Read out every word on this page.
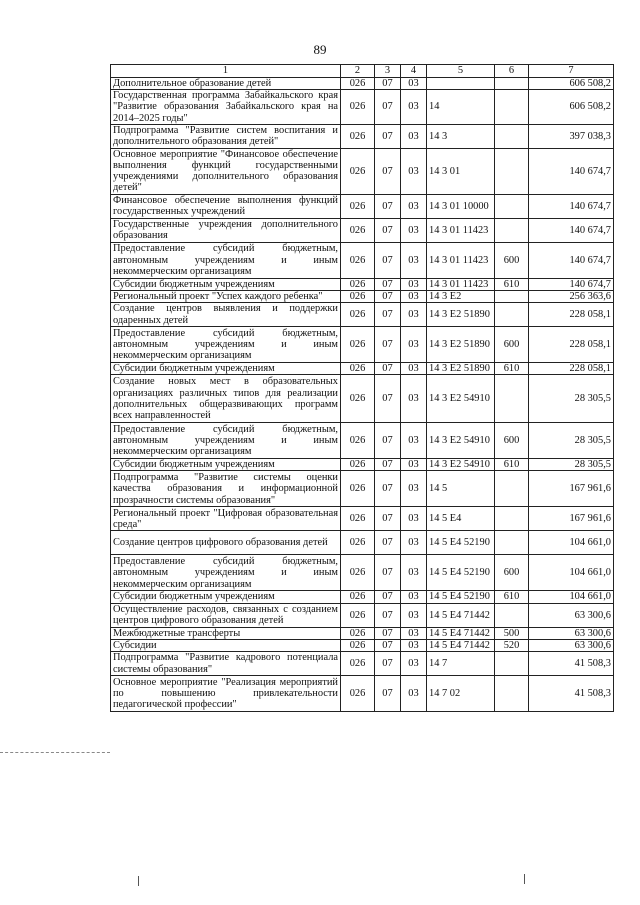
89
1	2	3	4	5	6	7
Дополнительное образование детей	026	07	03			606 508,2
Государственная программа Забайкальского края "Развитие образования Забайкальского края на 2014–2025 годы"	026	07	03	14		606 508,2
Подпрограмма "Развитие систем воспитания и дополнительного образования детей"	026	07	03	14 3		397 038,3
Основное мероприятие "Финансовое обеспечение выполнения функций государственными учреждениями дополнительного образования детей"	026	07	03	14 3 01		140 674,7
Финансовое обеспечение выполнения функций государственных учреждений	026	07	03	14 3 01 10000		140 674,7
Государственные учреждения дополнительного образования	026	07	03	14 3 01 11423		140 674,7
Предоставление субсидий бюджетным, автономным учреждениям и иным некоммерческим организациям	026	07	03	14 3 01 11423	600	140 674,7
Субсидии бюджетным учреждениям	026	07	03	14 3 01 11423	610	140 674,7
Региональный проект "Успех каждого ребенка"	026	07	03	14 3 E2		256 363,6
Создание центров выявления и поддержки одаренных детей	026	07	03	14 3 E2 51890		228 058,1
Предоставление субсидий бюджетным, автономным учреждениям и иным некоммерческим организациям	026	07	03	14 3 E2 51890	600	228 058,1
Субсидии бюджетным учреждениям	026	07	03	14 3 E2 51890	610	228 058,1
Создание новых мест в образовательных организациях различных типов для реализации дополнительных общеразвивающих программ всех направленностей	026	07	03	14 3 E2 54910		28 305,5
Предоставление субсидий бюджетным, автономным учреждениям и иным некоммерческим организациям	026	07	03	14 3 E2 54910	600	28 305,5
Субсидии бюджетным учреждениям	026	07	03	14 3 E2 54910	610	28 305,5
Подпрограмма "Развитие системы оценки качества образования и информационной прозрачности системы образования"	026	07	03	14 5		167 961,6
Региональный проект "Цифровая образовательная среда"	026	07	03	14 5 E4		167 961,6
Создание центров цифрового образования детей	026	07	03	14 5 E4 52190		104 661,0
Предоставление субсидий бюджетным, автономным учреждениям и иным некоммерческим организациям	026	07	03	14 5 E4 52190	600	104 661,0
Субсидии бюджетным учреждениям	026	07	03	14 5 E4 52190	610	104 661,0
Осуществление расходов, связанных с созданием центров цифрового образования детей	026	07	03	14 5 E4 71442		63 300,6
Межбюджетные трансферты	026	07	03	14 5 E4 71442	500	63 300,6
Субсидии	026	07	03	14 5 E4 71442	520	63 300,6
Подпрограмма "Развитие кадрового потенциала системы образования"	026	07	03	14 7		41 508,3
Основное мероприятие "Реализация мероприятий по повышению привлекательности педагогической профессии"	026	07	03	14 7 02		41 508,3
